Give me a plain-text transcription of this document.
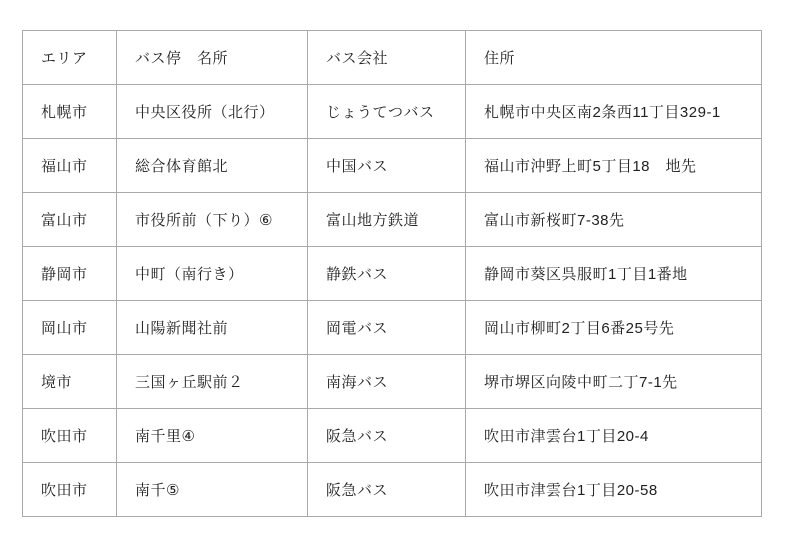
エリア	バス停　名所	バス会社	住所
札幌市	中央区役所（北行）	じょうてつバス	札幌市中央区南2条西11丁目329-1
福山市	総合体育館北	中国バス	福山市沖野上町5丁目18　地先
富山市	市役所前（下り）⑥	富山地方鉄道	富山市新桜町7-38先
静岡市	中町（南行き）	静鉄バス	静岡市葵区呉服町1丁目1番地
岡山市	山陽新聞社前	岡電バス	岡山市柳町2丁目6番25号先
境市	三国ヶ丘駅前２	南海バス	堺市堺区向陵中町二丁7-1先
吹田市	南千里④	阪急バス	吹田市津雲台1丁目20-4
吹田市	南千⑤	阪急バス	吹田市津雲台1丁目20-58
